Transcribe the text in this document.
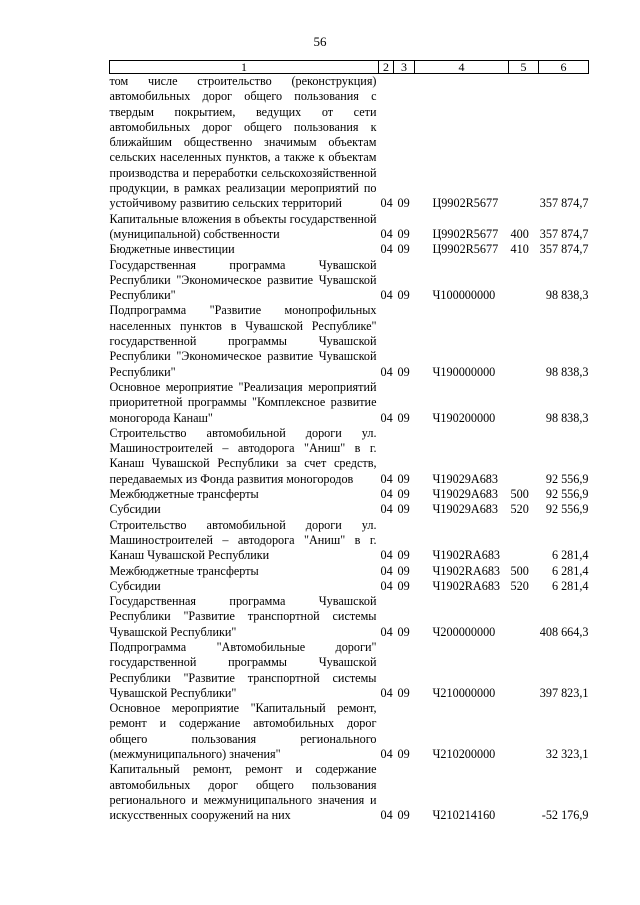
56
1	2	3	4	5	6
том числе строительство (реконструкция) автомобильных дорог общего пользования с твердым покрытием, ведущих от сети автомобильных дорог общего пользования к ближайшим общественно значимым объектам сельских населенных пунктов, а также к объектам производства и переработки сельскохозяйственной продукции, в рамках реализации мероприятий по устойчивому развитию сельских территорий	04	09	Ц9902R5677		357 874,7
Капитальные вложения в объекты государственной (муниципальной) собственности	04	09	Ц9902R5677	400	357 874,7
Бюджетные инвестиции	04	09	Ц9902R5677	410	357 874,7
Государственная программа Чувашской Республики "Экономическое развитие Чувашской Республики"	04	09	Ч100000000		98 838,3
Подпрограмма "Развитие монопрофильных населенных пунктов в Чувашской Республике" государственной программы Чувашской Республики "Экономическое развитие Чувашской Республики"	04	09	Ч190000000		98 838,3
Основное мероприятие "Реализация мероприятий приоритетной программы "Комплексное развитие моногорода Канаш"	04	09	Ч190200000		98 838,3
Строительство автомобильной дороги ул. Машиностроителей – автодорога "Аниш" в г. Канаш Чувашской Республики за счет средств, передаваемых из Фонда развития моногородов	04	09	Ч19029А683		92 556,9
Межбюджетные трансферты	04	09	Ч19029А683	500	92 556,9
Субсидии	04	09	Ч19029А683	520	92 556,9
Строительство автомобильной дороги ул. Машиностроителей – автодорога "Аниш" в г. Канаш Чувашской Республики	04	09	Ч1902RА683		6 281,4
Межбюджетные трансферты	04	09	Ч1902RА683	500	6 281,4
Субсидии	04	09	Ч1902RА683	520	6 281,4
Государственная программа Чувашской Республики "Развитие транспортной системы Чувашской Республики"	04	09	Ч200000000		408 664,3
Подпрограмма "Автомобильные дороги" государственной программы Чувашской Республики "Развитие транспортной системы Чувашской Республики"	04	09	Ч210000000		397 823,1
Основное мероприятие "Капитальный ремонт, ремонт и содержание автомобильных дорог общего пользования регионального (межмуниципального) значения"	04	09	Ч210200000		32 323,1
Капитальный ремонт, ремонт и содержание автомобильных дорог общего пользования регионального и межмуниципального значения и искусственных сооружений на них	04	09	Ч210214160		-52 176,9
